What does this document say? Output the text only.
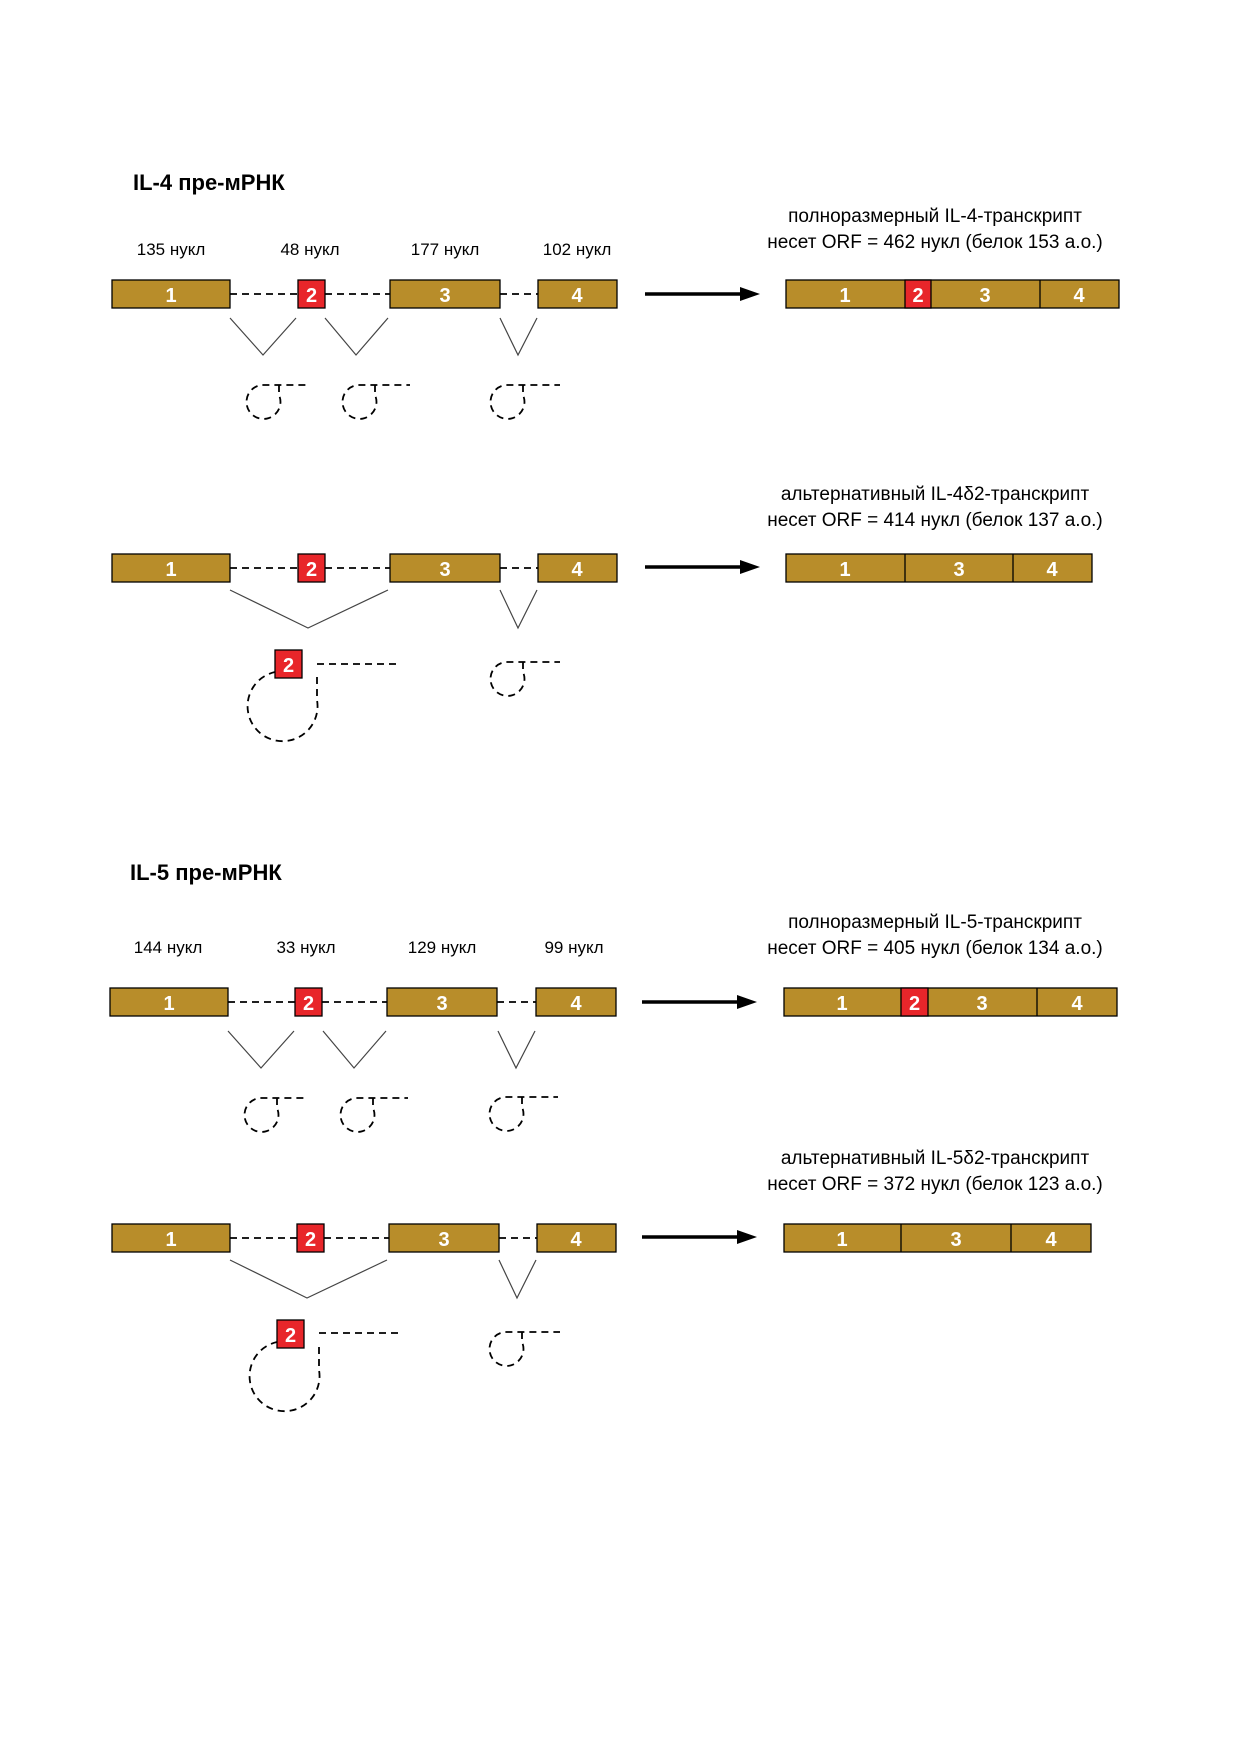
IL-4 пре-мРНК
135 нукл	48 нукл	177 нукл	102 нукл
1	2	3	4
полноразмерный IL-4-транскрипт
несет ORF = 462 нукл (белок 153 а.о.)
1	2	3	4
1	2	3	4
2
альтернативный IL-4δ2-транскрипт
несет ORF = 414 нукл (белок 137 а.о.)
1	3	4
IL-5 пре-мРНК
144 нукл	33 нукл	129 нукл	99 нукл
1	2	3	4
полноразмерный IL-5-транскрипт
несет ORF = 405 нукл (белок 134 а.о.)
1	2	3	4
1	2	3	4
2
альтернативный IL-5δ2-транскрипт
несет ORF = 372 нукл (белок 123 а.о.)
1	3	4
